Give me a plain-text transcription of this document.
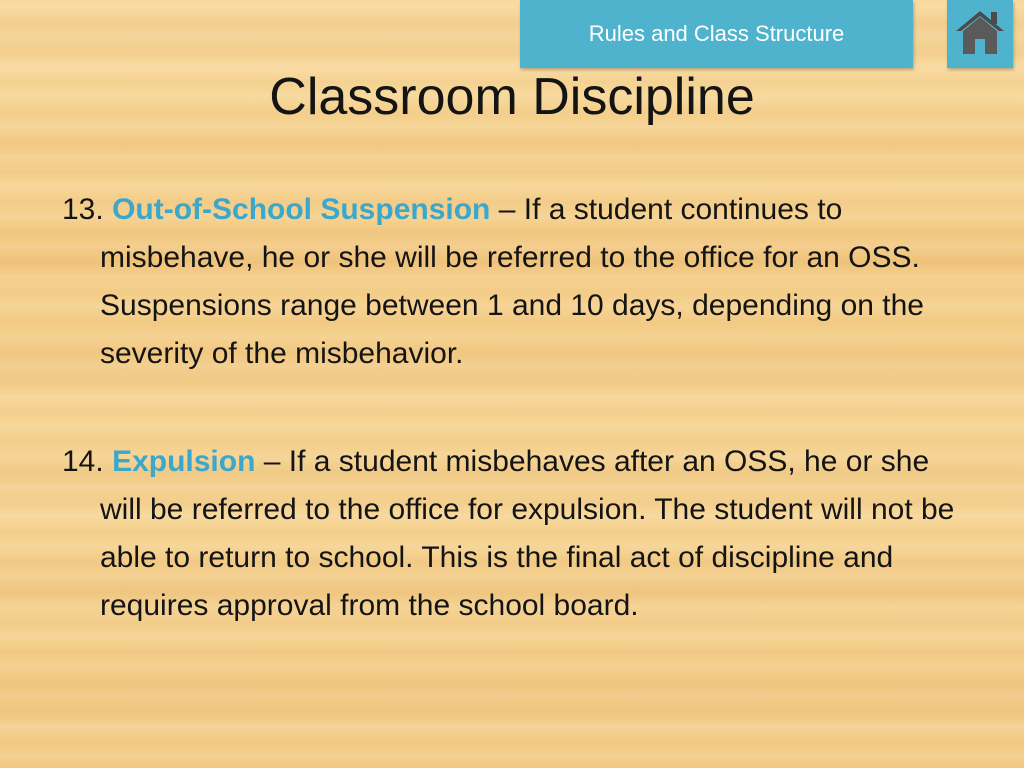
Rules and Class Structure
Classroom Discipline

13. Out-of-School Suspension – If a student continues to misbehave, he or she will be referred to the office for an OSS. Suspensions range between 1 and 10 days, depending on the severity of the misbehavior.

14. Expulsion – If a student misbehaves after an OSS, he or she will be referred to the office for expulsion. The student will not be able to return to school. This is the final act of discipline and requires approval from the school board.
